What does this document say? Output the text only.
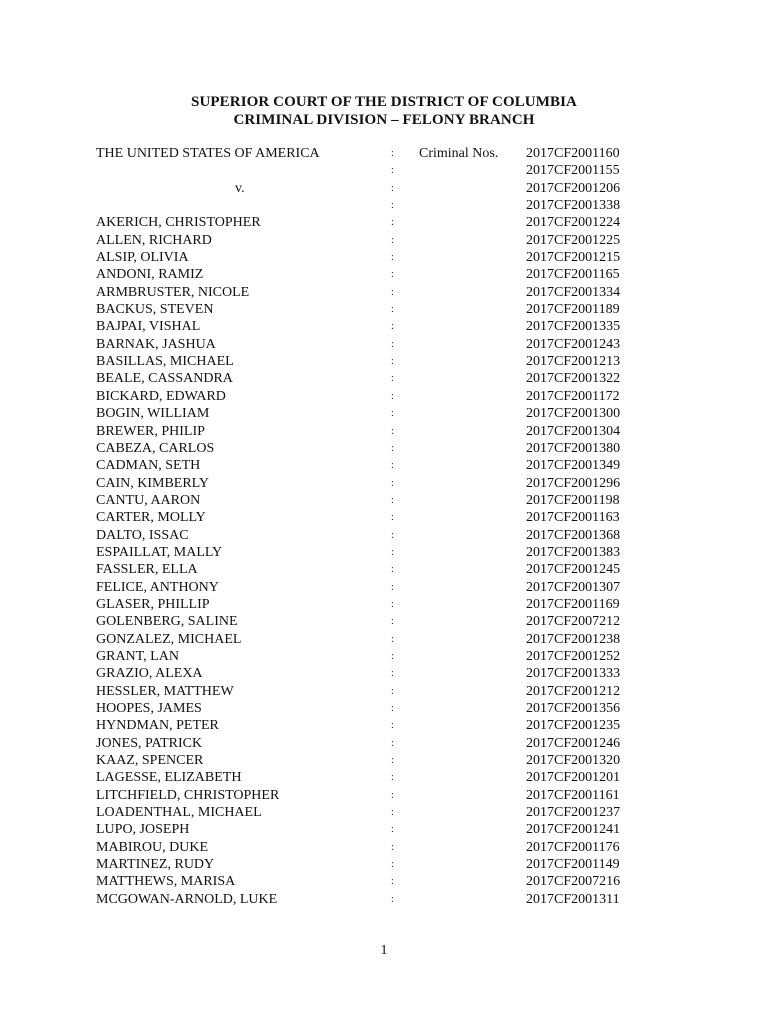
SUPERIOR COURT OF THE DISTRICT OF COLUMBIA
CRIMINAL DIVISION – FELONY BRANCH
THE UNITED STATES OF AMERICA	: Criminal Nos. 2017CF2001160
:	2017CF2001155
v.	:	2017CF2001206
:	2017CF2001338
AKERICH, CHRISTOPHER	:	2017CF2001224
ALLEN, RICHARD	:	2017CF2001225
ALSIP, OLIVIA	:	2017CF2001215
ANDONI, RAMIZ	:	2017CF2001165
ARMBRUSTER, NICOLE	:	2017CF2001334
BACKUS, STEVEN	:	2017CF2001189
BAJPAI, VISHAL	:	2017CF2001335
BARNAK, JASHUA	:	2017CF2001243
BASILLAS, MICHAEL	:	2017CF2001213
BEALE, CASSANDRA	:	2017CF2001322
BICKARD, EDWARD	:	2017CF2001172
BOGIN, WILLIAM	:	2017CF2001300
BREWER, PHILIP	:	2017CF2001304
CABEZA, CARLOS	:	2017CF2001380
CADMAN, SETH	:	2017CF2001349
CAIN, KIMBERLY	:	2017CF2001296
CANTU, AARON	:	2017CF2001198
CARTER, MOLLY	:	2017CF2001163
DALTO, ISSAC	:	2017CF2001368
ESPAILLAT, MALLY	:	2017CF2001383
FASSLER, ELLA	:	2017CF2001245
FELICE, ANTHONY	:	2017CF2001307
GLASER, PHILLIP	:	2017CF2001169
GOLENBERG, SALINE	:	2017CF2007212
GONZALEZ, MICHAEL	:	2017CF2001238
GRANT, LAN	:	2017CF2001252
GRAZIO, ALEXA	:	2017CF2001333
HESSLER, MATTHEW	:	2017CF2001212
HOOPES, JAMES	:	2017CF2001356
HYNDMAN, PETER	:	2017CF2001235
JONES, PATRICK	:	2017CF2001246
KAAZ, SPENCER	:	2017CF2001320
LAGESSE, ELIZABETH	:	2017CF2001201
LITCHFIELD, CHRISTOPHER	:	2017CF2001161
LOADENTHAL, MICHAEL	:	2017CF2001237
LUPO, JOSEPH	:	2017CF2001241
MABIROU, DUKE	:	2017CF2001176
MARTINEZ, RUDY	:	2017CF2001149
MATTHEWS, MARISA	:	2017CF2007216
MCGOWAN-ARNOLD, LUKE	:	2017CF2001311
1
